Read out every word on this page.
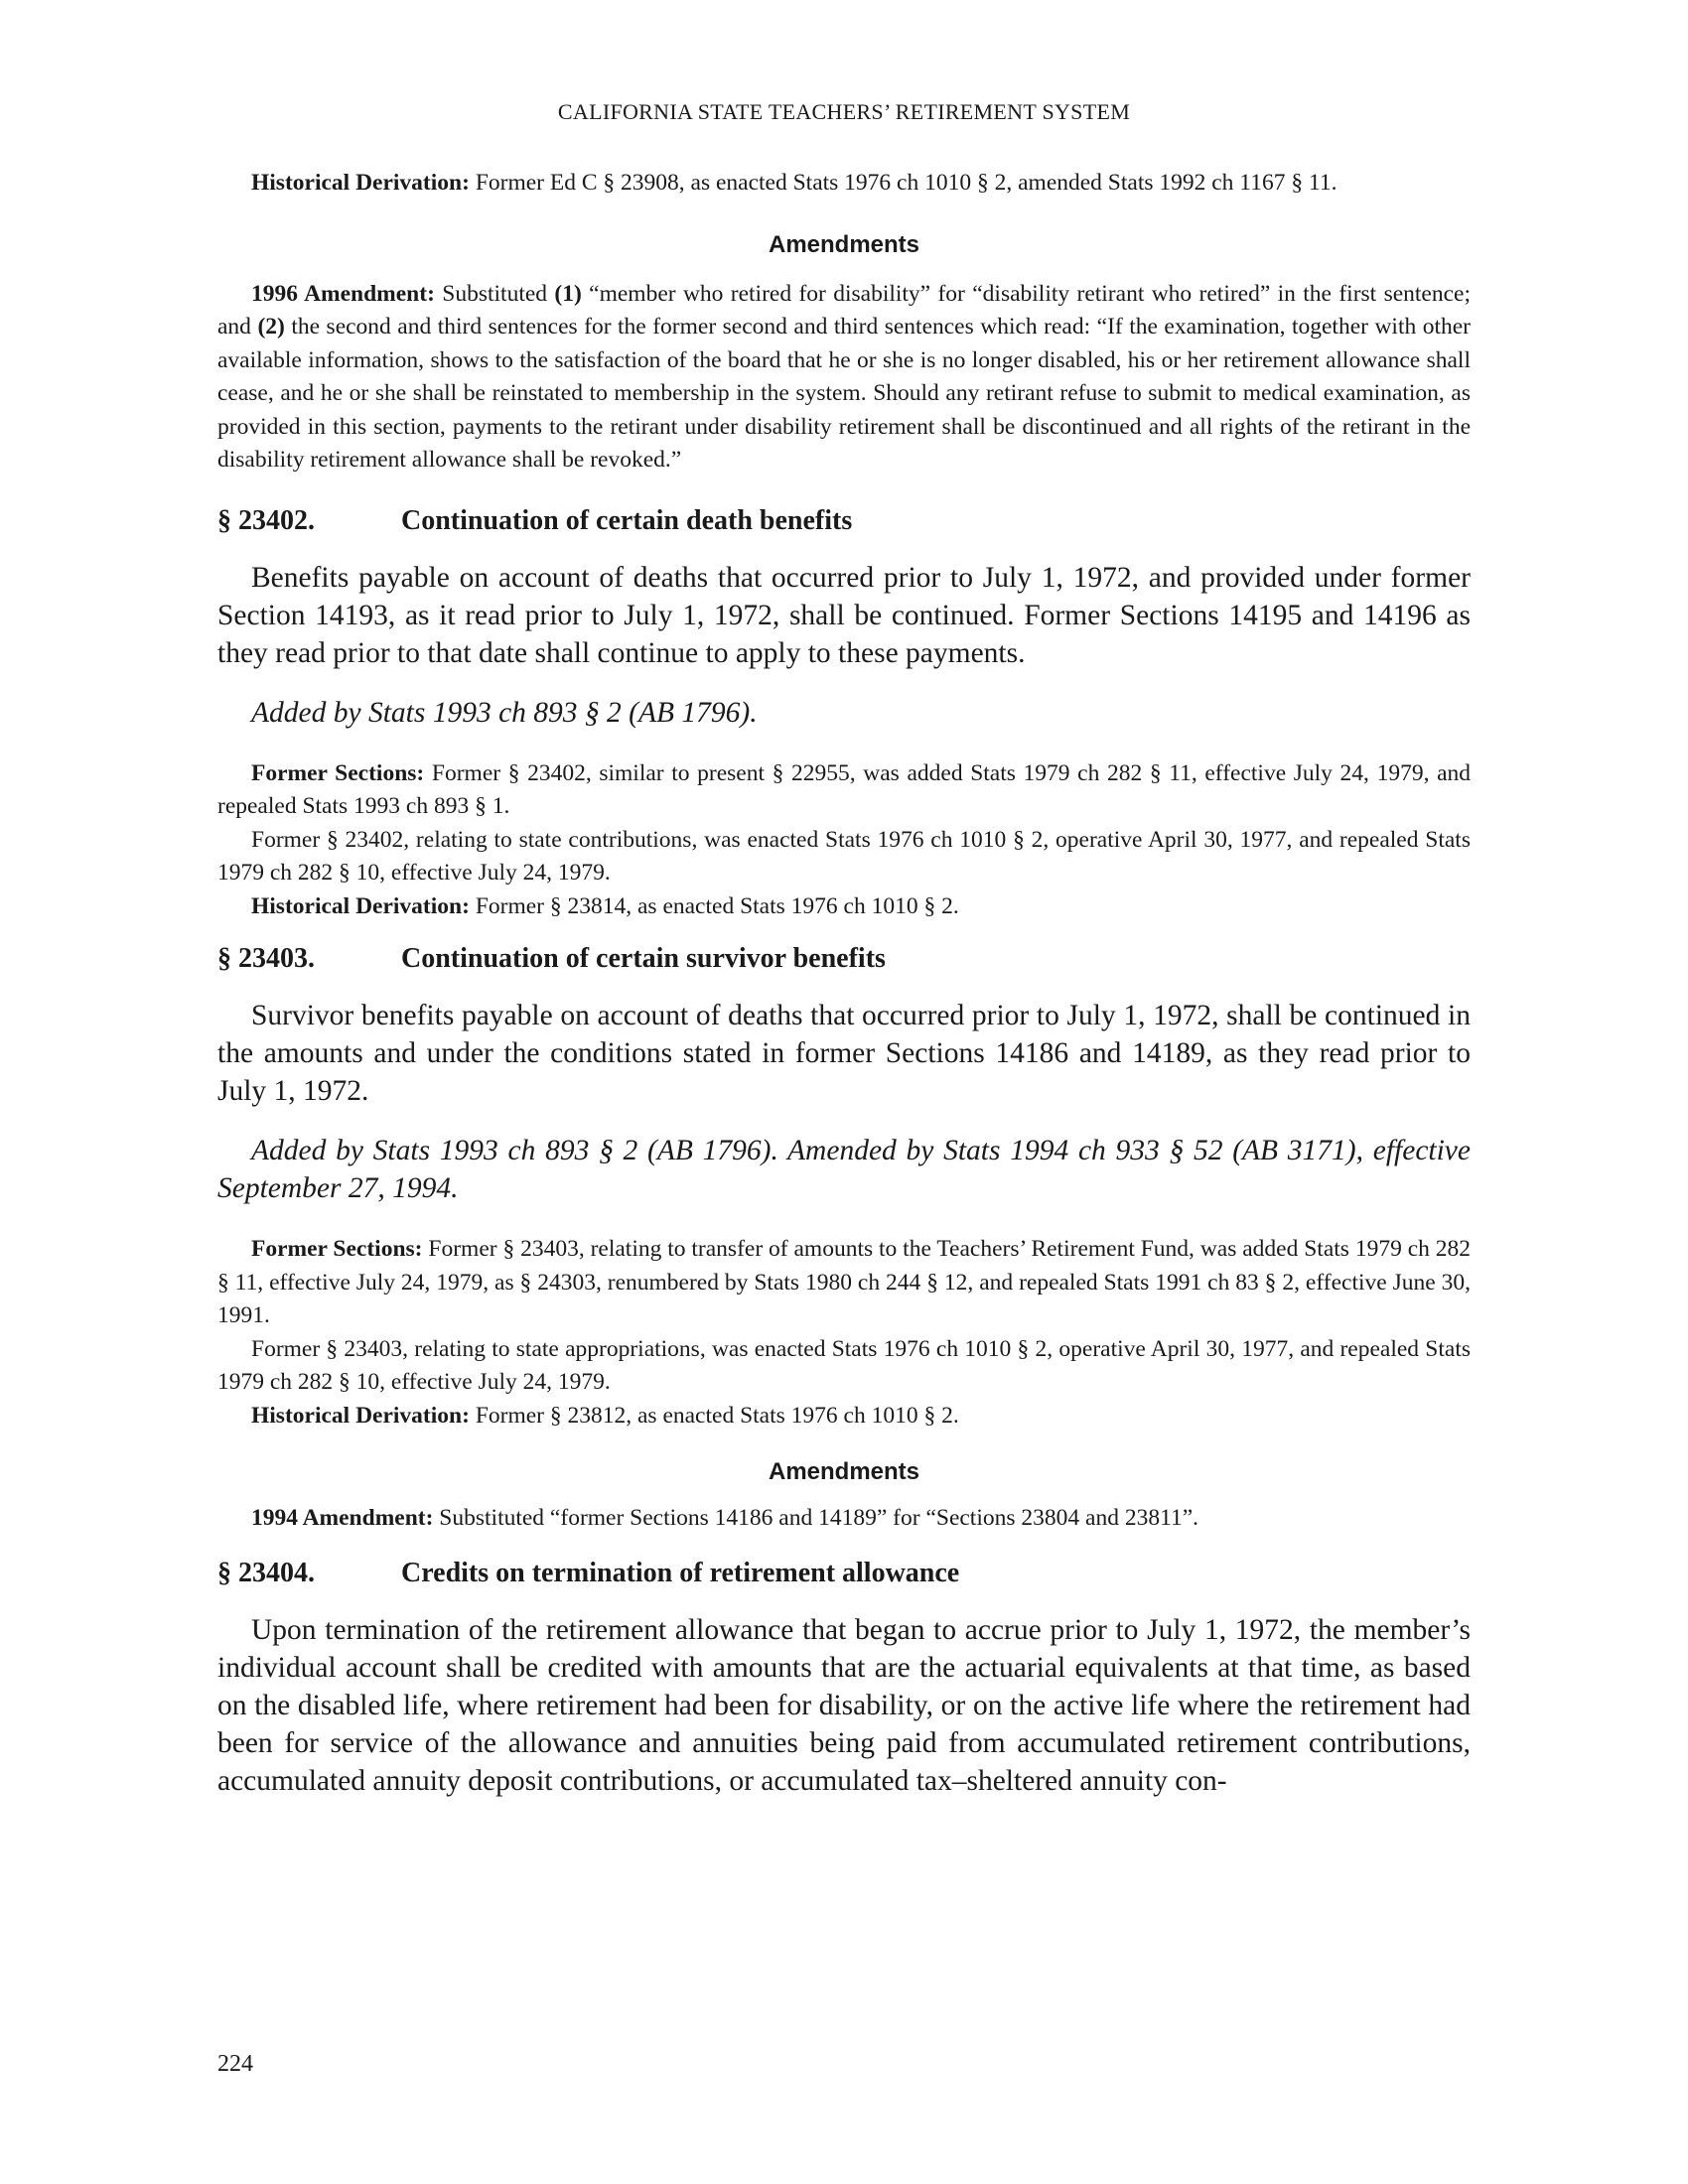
CALIFORNIA STATE TEACHERS’ RETIREMENT SYSTEM

Historical Derivation: Former Ed C § 23908, as enacted Stats 1976 ch 1010 § 2, amended Stats 1992 ch 1167 § 11.

Amendments

1996 Amendment: Substituted (1) “member who retired for disability” for “disability retirant who retired” in the first sentence; and (2) the second and third sentences for the former second and third sentences which read: “If the examination, together with other available information, shows to the satisfaction of the board that he or she is no longer disabled, his or her retirement allowance shall cease, and he or she shall be reinstated to membership in the system. Should any retirant refuse to submit to medical examination, as provided in this section, payments to the retirant under disability retirement shall be discontinued and all rights of the retirant in the disability retirement allowance shall be revoked.”

§ 23402.	Continuation of certain death benefits

Benefits payable on account of deaths that occurred prior to July 1, 1972, and provided under former Section 14193, as it read prior to July 1, 1972, shall be continued. Former Sections 14195 and 14196 as they read prior to that date shall continue to apply to these payments.

Added by Stats 1993 ch 893 § 2 (AB 1796).

Former Sections: Former § 23402, similar to present § 22955, was added Stats 1979 ch 282 § 11, effective July 24, 1979, and repealed Stats 1993 ch 893 § 1.

Former § 23402, relating to state contributions, was enacted Stats 1976 ch 1010 § 2, operative April 30, 1977, and repealed Stats 1979 ch 282 § 10, effective July 24, 1979.

Historical Derivation: Former § 23814, as enacted Stats 1976 ch 1010 § 2.

§ 23403.	Continuation of certain survivor benefits

Survivor benefits payable on account of deaths that occurred prior to July 1, 1972, shall be continued in the amounts and under the conditions stated in former Sections 14186 and 14189, as they read prior to July 1, 1972.

Added by Stats 1993 ch 893 § 2 (AB 1796). Amended by Stats 1994 ch 933 § 52 (AB 3171), effective September 27, 1994.

Former Sections: Former § 23403, relating to transfer of amounts to the Teachers’ Retirement Fund, was added Stats 1979 ch 282 § 11, effective July 24, 1979, as § 24303, renumbered by Stats 1980 ch 244 § 12, and repealed Stats 1991 ch 83 § 2, effective June 30, 1991.

Former § 23403, relating to state appropriations, was enacted Stats 1976 ch 1010 § 2, operative April 30, 1977, and repealed Stats 1979 ch 282 § 10, effective July 24, 1979.

Historical Derivation: Former § 23812, as enacted Stats 1976 ch 1010 § 2.

Amendments

1994 Amendment: Substituted “former Sections 14186 and 14189” for “Sections 23804 and 23811”.

§ 23404.	Credits on termination of retirement allowance

Upon termination of the retirement allowance that began to accrue prior to July 1, 1972, the member’s individual account shall be credited with amounts that are the actuarial equivalents at that time, as based on the disabled life, where retirement had been for disability, or on the active life where the retirement had been for service of the allowance and annuities being paid from accumulated retirement contributions, accumulated annuity deposit contributions, or accumulated tax–sheltered annuity con-

224
